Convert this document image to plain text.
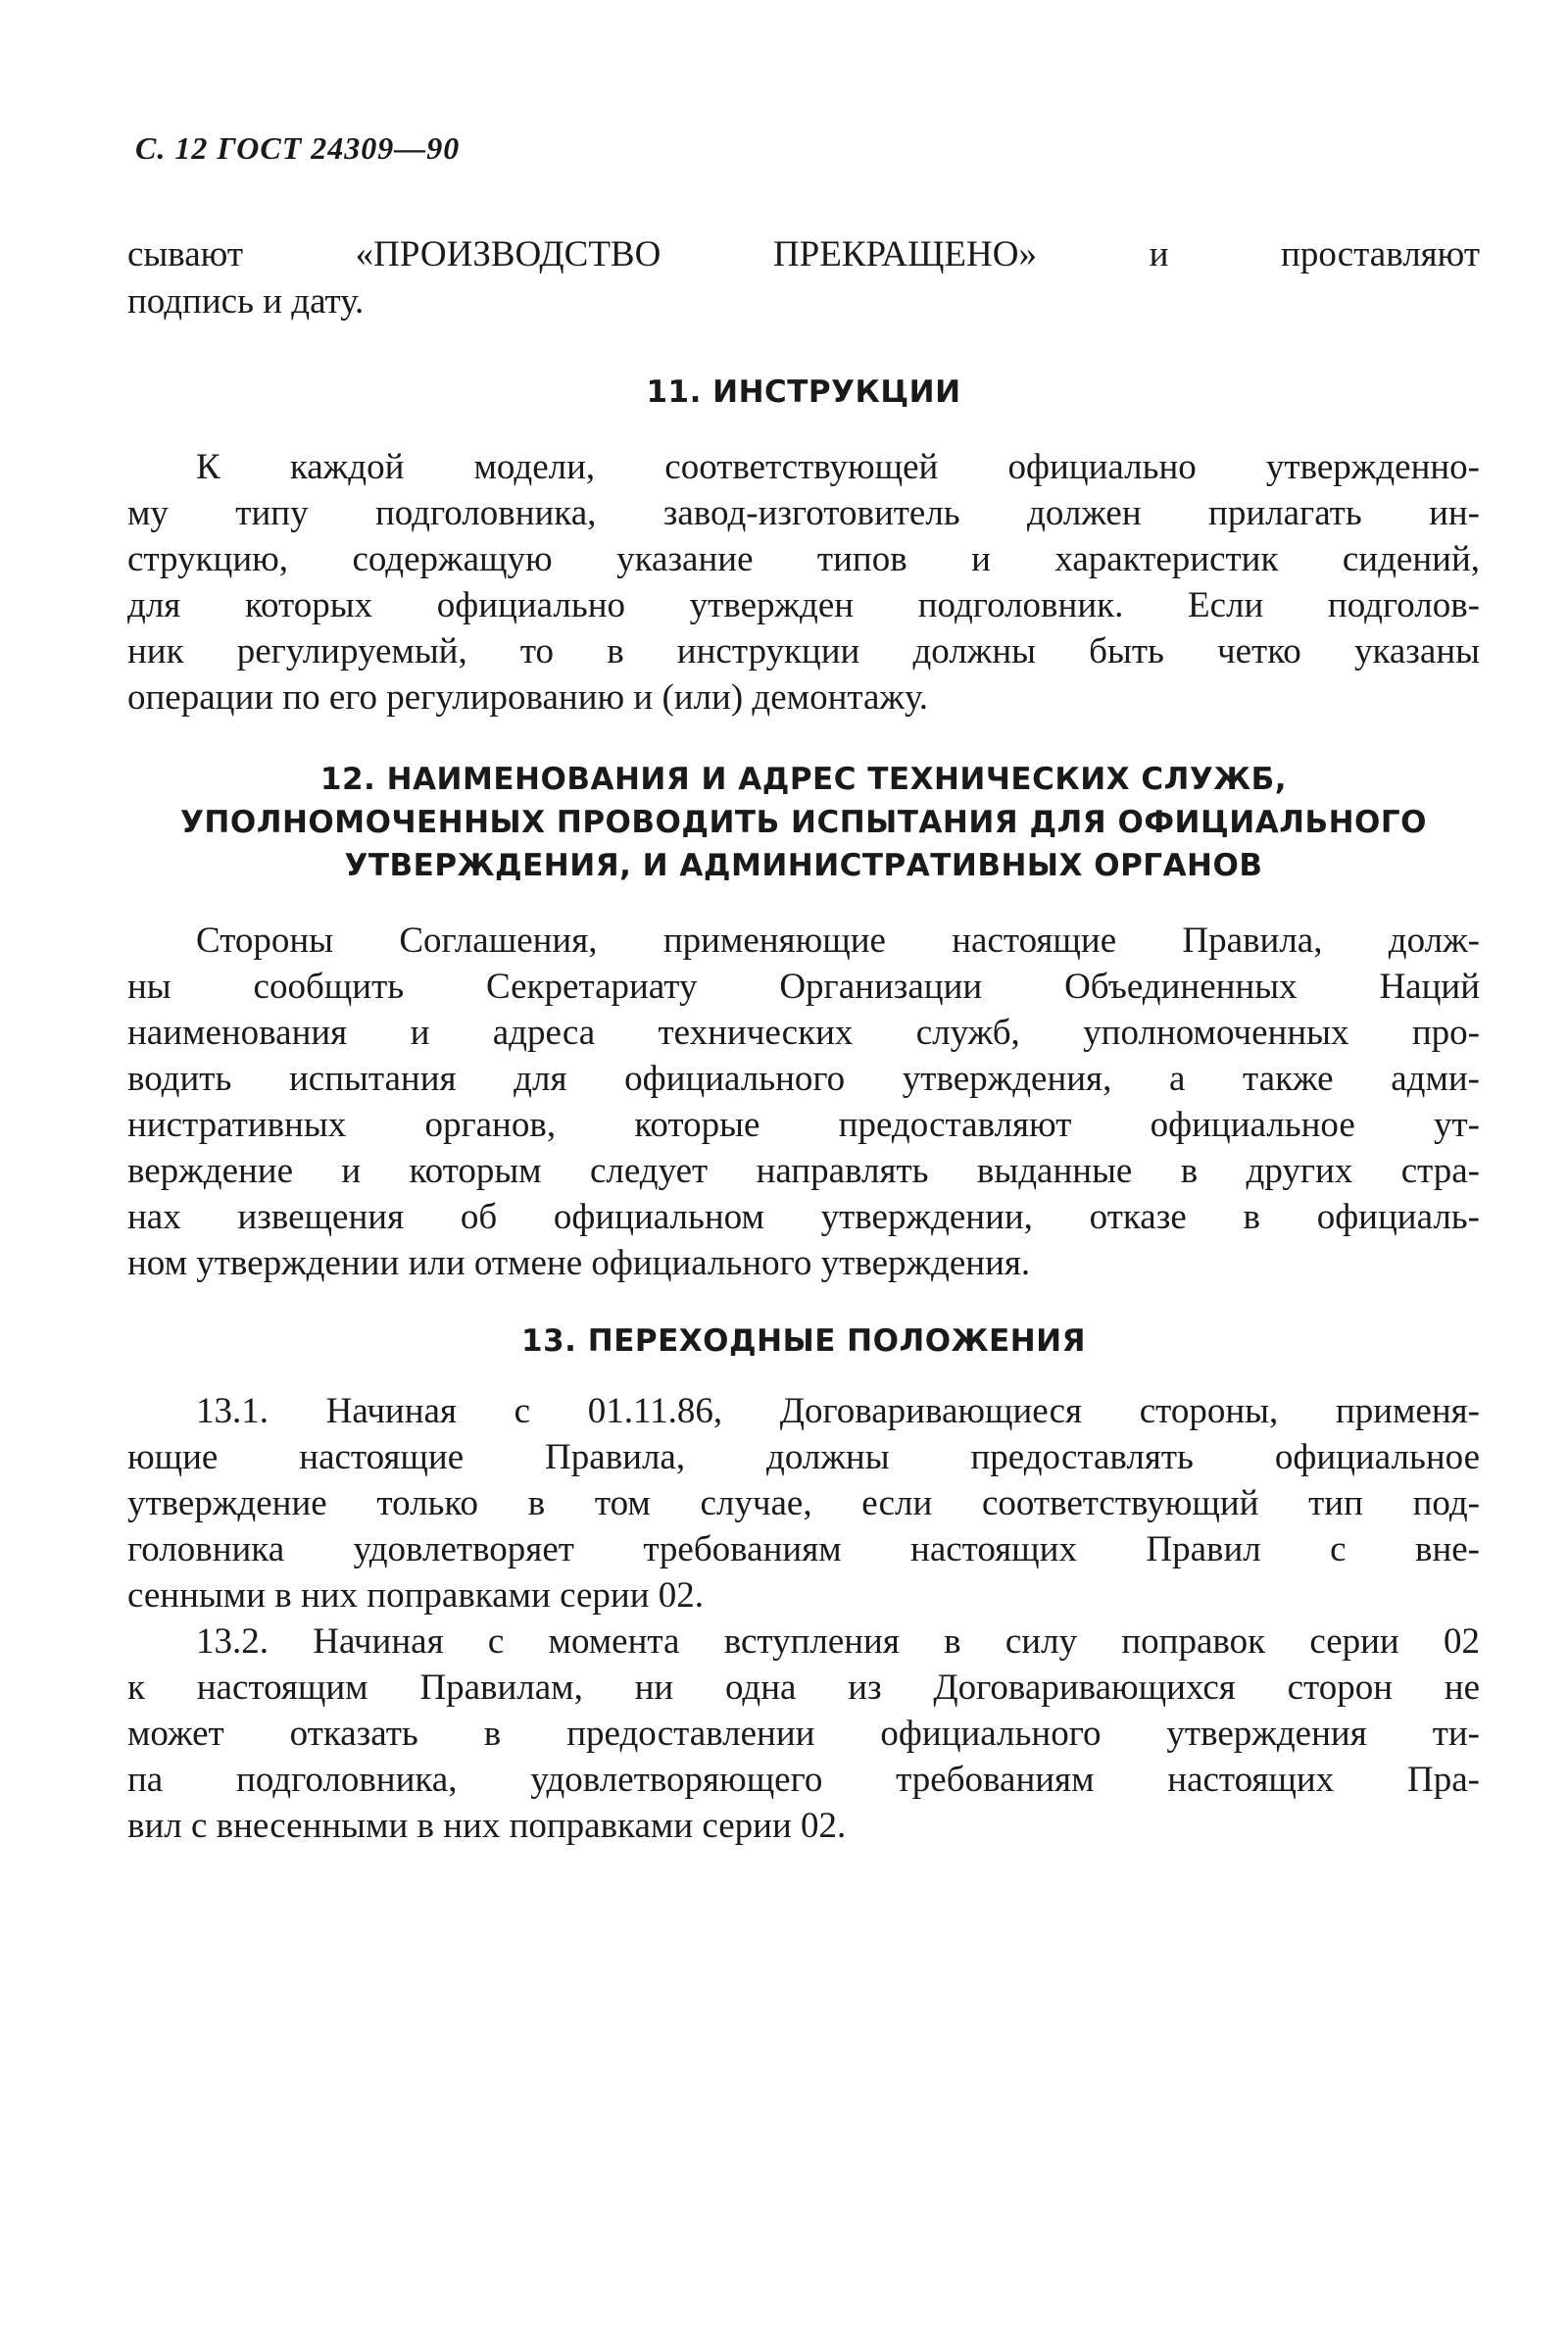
С. 12 ГОСТ 24309—90
сывают «ПРОИЗВОДСТВО ПРЕКРАЩЕНО» и проставляют
подпись и дату.
11. ИНСТРУКЦИИ
К каждой модели, соответствующей официально утвержденно-
му типу подголовника, завод-изготовитель должен прилагать ин-
струкцию, содержащую указание типов и характеристик сидений,
для которых официально утвержден подголовник. Если подголов-
ник регулируемый, то в инструкции должны быть четко указаны
операции по его регулированию и (или) демонтажу.
12. НАИМЕНОВАНИЯ И АДРЕС ТЕХНИЧЕСКИХ СЛУЖБ,
УПОЛНОМОЧЕННЫХ ПРОВОДИТЬ ИСПЫТАНИЯ ДЛЯ ОФИЦИАЛЬНОГО
УТВЕРЖДЕНИЯ, И АДМИНИСТРАТИВНЫХ ОРГАНОВ
Стороны Соглашения, применяющие настоящие Правила, долж-
ны сообщить Секретариату Организации Объединенных Наций
наименования и адреса технических служб, уполномоченных про-
водить испытания для официального утверждения, а также адми-
нистративных органов, которые предоставляют официальное ут-
верждение и которым следует направлять выданные в других стра-
нах извещения об официальном утверждении, отказе в официаль-
ном утверждении или отмене официального утверждения.
13. ПЕРЕХОДНЫЕ ПОЛОЖЕНИЯ
13.1. Начиная с 01.11.86, Договаривающиеся стороны, применя-
ющие настоящие Правила, должны предоставлять официальное
утверждение только в том случае, если соответствующий тип под-
головника удовлетворяет требованиям настоящих Правил с вне-
сенными в них поправками серии 02.
13.2. Начиная с момента вступления в силу поправок серии 02
к настоящим Правилам, ни одна из Договаривающихся сторон не
может отказать в предоставлении официального утверждения ти-
па подголовника, удовлетворяющего требованиям настоящих Пра-
вил с внесенными в них поправками серии 02.
